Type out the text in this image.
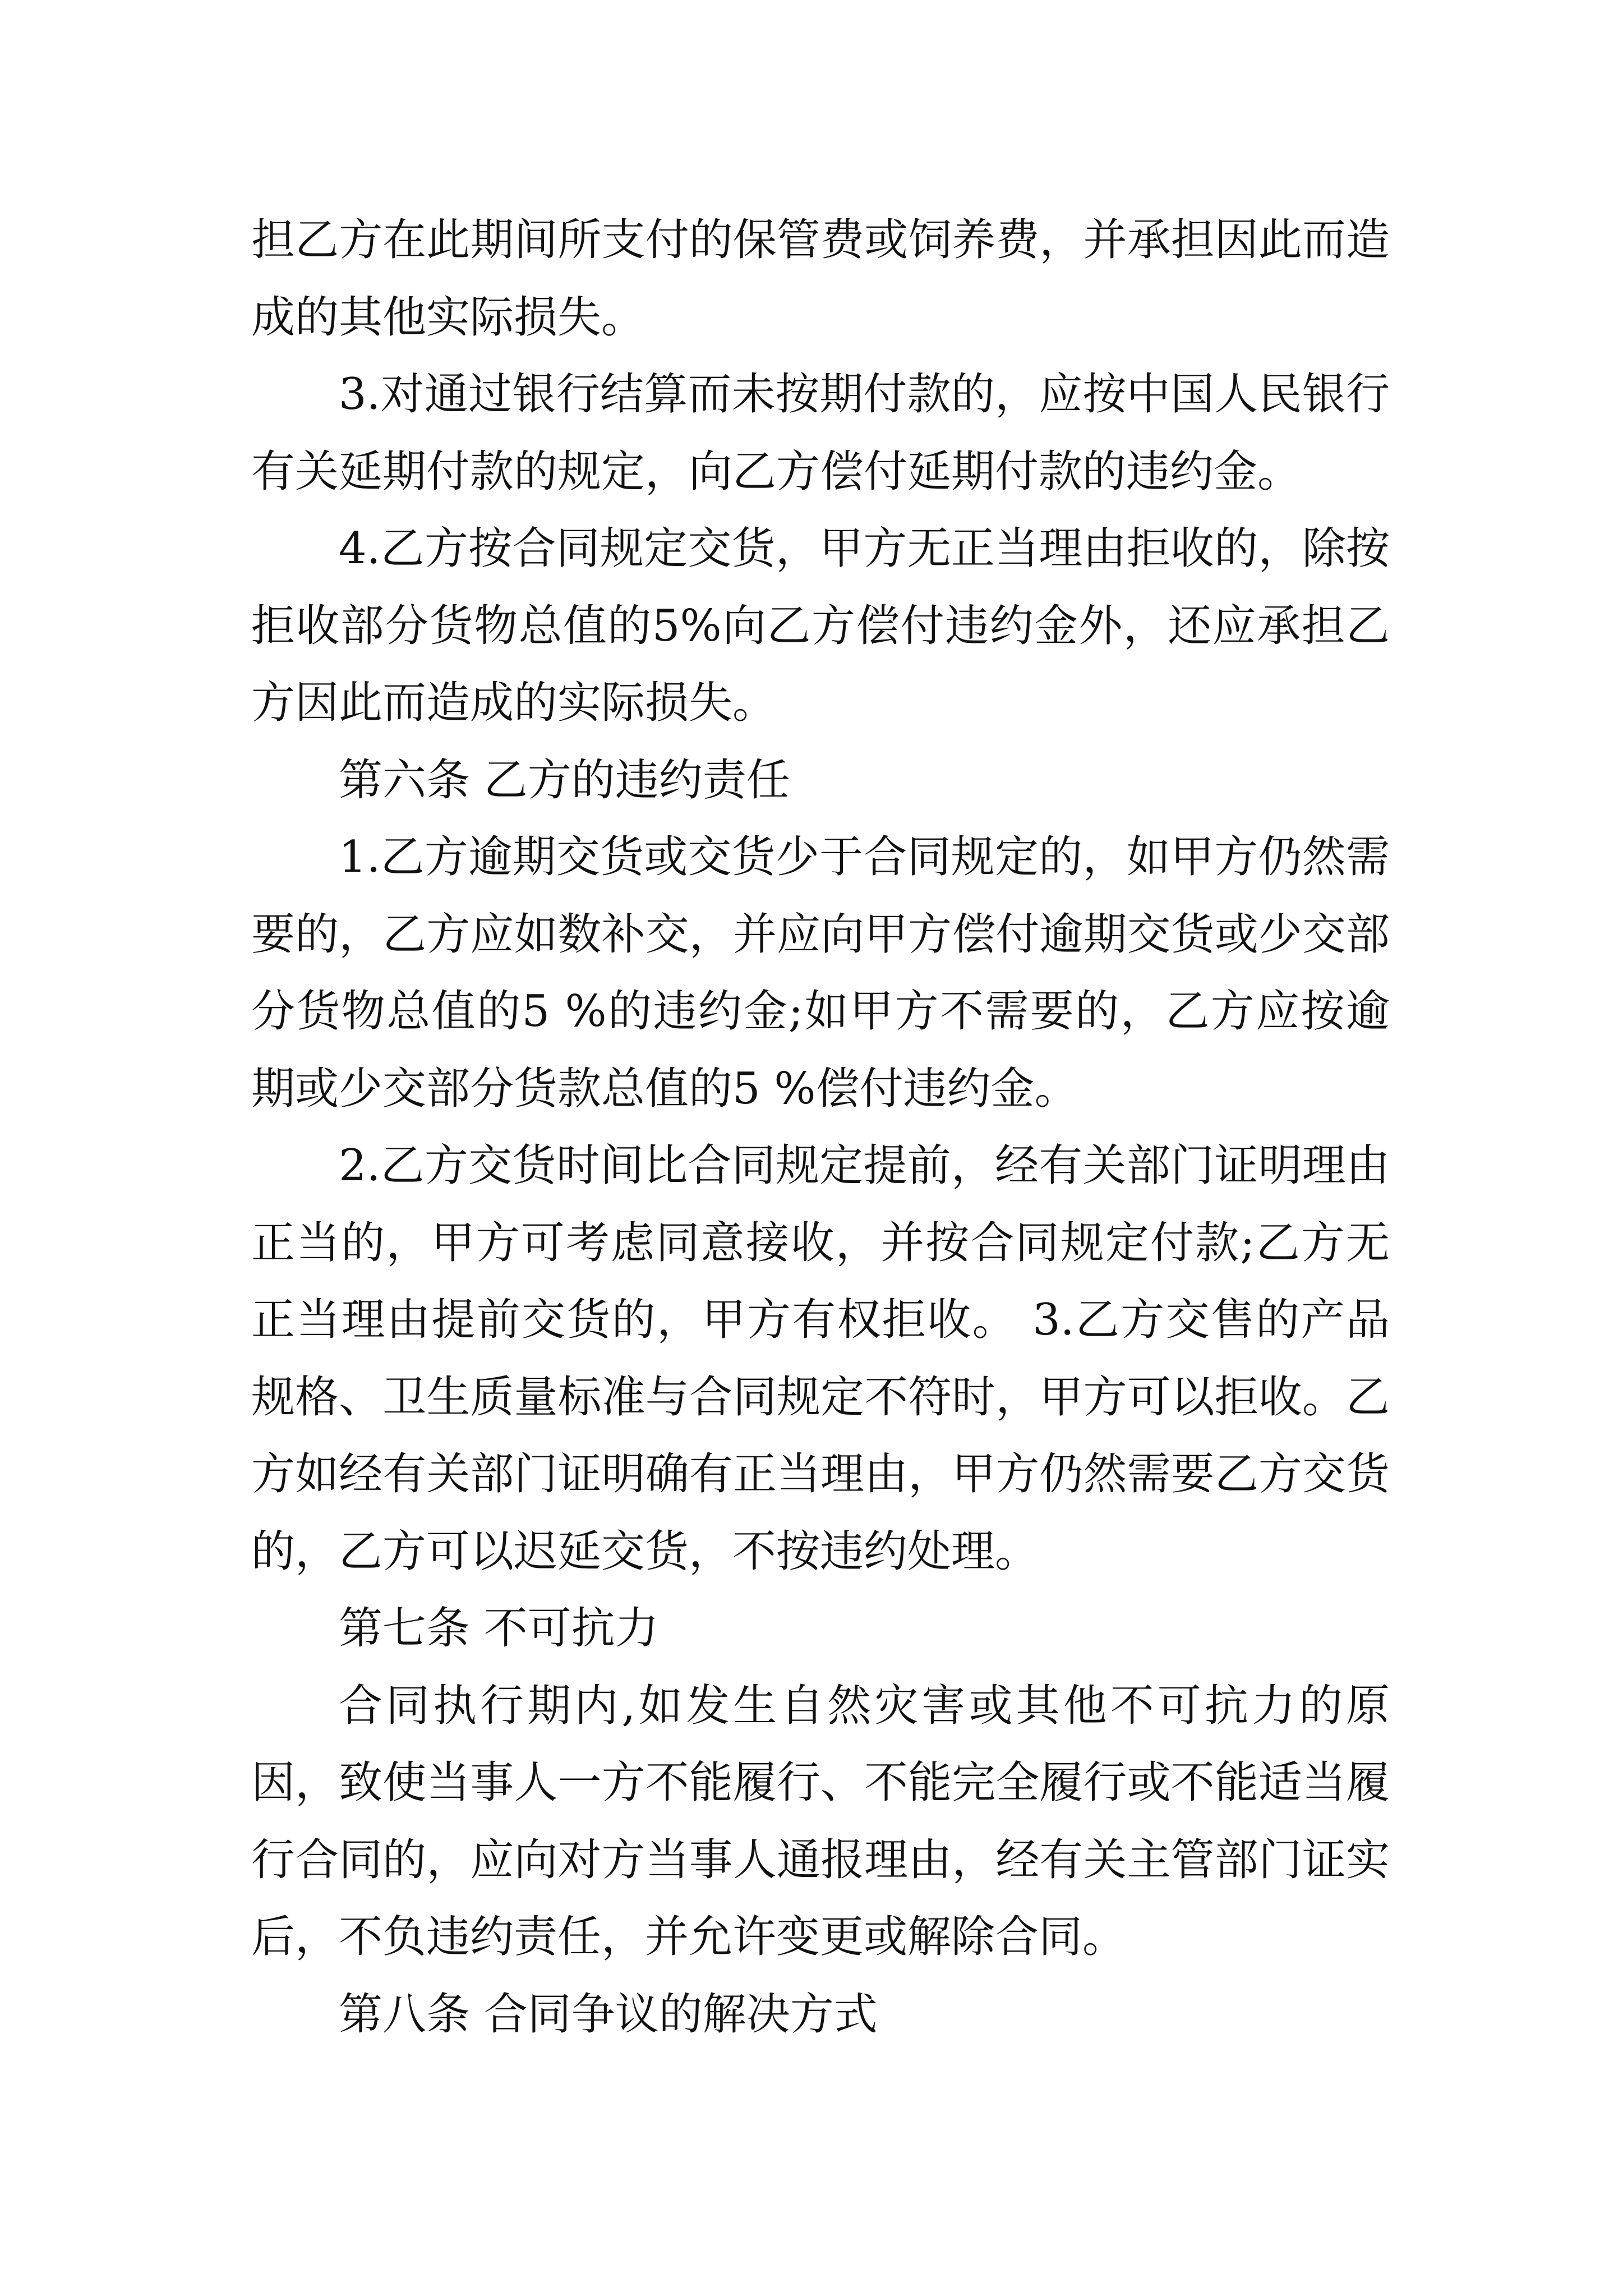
担乙方在此期间所支付的保管费或饲养费，并承担因此而造成的其他实际损失。

3.对通过银行结算而未按期付款的，应按中国人民银行有关延期付款的规定，向乙方偿付延期付款的违约金。

4.乙方按合同规定交货，甲方无正当理由拒收的，除按拒收部分货物总值的5%向乙方偿付违约金外，还应承担乙方因此而造成的实际损失。

第六条 乙方的违约责任

1.乙方逾期交货或交货少于合同规定的，如甲方仍然需要的，乙方应如数补交，并应向甲方偿付逾期交货或少交部分货物总值的5 %的违约金;如甲方不需要的，乙方应按逾期或少交部分货款总值的5 %偿付违约金。

2.乙方交货时间比合同规定提前，经有关部门证明理由正当的，甲方可考虑同意接收，并按合同规定付款;乙方无正当理由提前交货的，甲方有权拒收。 3.乙方交售的产品规格、卫生质量标准与合同规定不符时，甲方可以拒收。乙方如经有关部门证明确有正当理由，甲方仍然需要乙方交货的，乙方可以迟延交货，不按违约处理。

第七条 不可抗力

合同执行期内,如发生自然灾害或其他不可抗力的原因，致使当事人一方不能履行、不能完全履行或不能适当履行合同的，应向对方当事人通报理由，经有关主管部门证实后，不负违约责任，并允许变更或解除合同。

第八条 合同争议的解决方式
